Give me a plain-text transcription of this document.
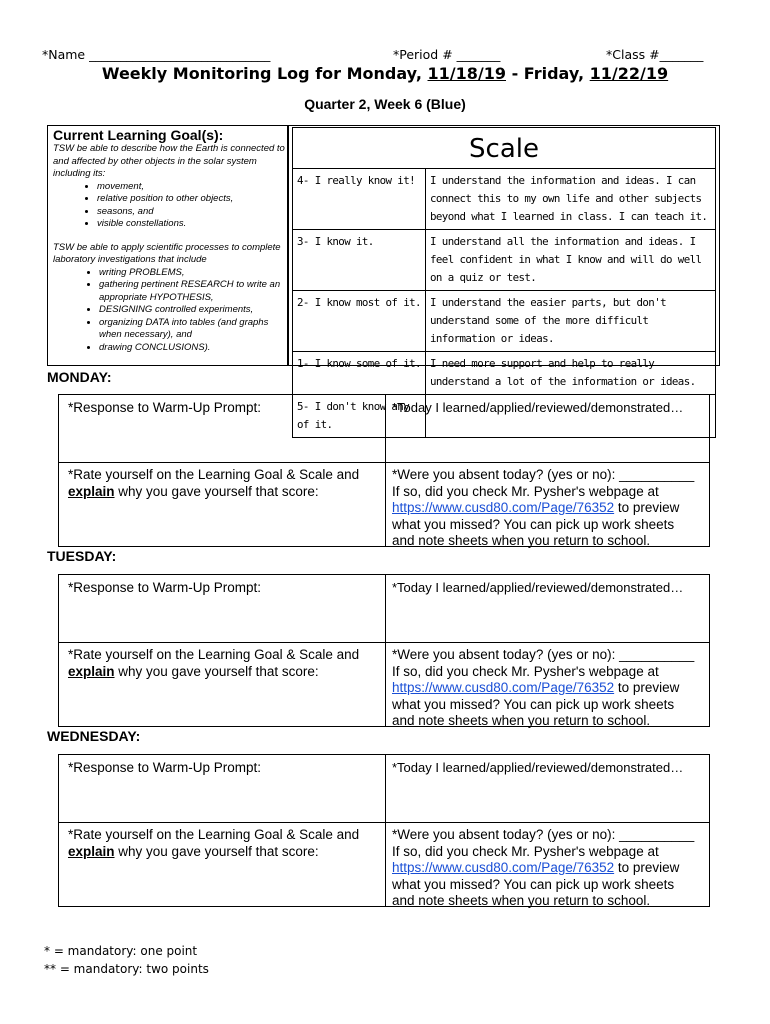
*Name _____________________________	*Period # _______	*Class #_______
Weekly Monitoring Log for Monday, 11/18/19 - Friday, 11/22/19
Quarter 2, Week 6 (Blue)
Current Learning Goal(s):

TSW be able to describe how the Earth is connected to and affected by other objects in the solar system including its:

• movement,
• relative position to other objects,
• seasons, and
• visible constellations.

TSW be able to apply scientific processes to complete laboratory investigations that include

• writing PROBLEMS,
• gathering pertinent RESEARCH to write an appropriate HYPOTHESIS,
• DESIGNING controlled experiments,
• organizing DATA into tables (and graphs when necessary), and
• drawing CONCLUSIONS).
Scale
4- I really know it!	I understand the information and ideas. I can connect this to my own life and other subjects beyond what I learned in class. I can teach it.
3- I know it.	I understand all the information and ideas. I feel confident in what I know and will do well on a quiz or test.
2- I know most of it.	I understand the easier parts, but don't understand some of the more difficult information or ideas.
1- I know some of it.	I need more support and help to really understand a lot of the information or ideas.
5- I don't know any of it.	
MONDAY:
TUESDAY:
WEDNESDAY:
*Response to Warm-Up Prompt:	*Today I learned/applied/reviewed/demonstrated…
*Rate yourself on the Learning Goal & Scale and explain why you gave yourself that score:
*Were you absent today? (yes or no): __________
If so, did you check Mr. Pysher's webpage at
https://www.cusd80.com/Page/76352 to preview
what you missed? You can pick up work sheets
and note sheets when you return to school.
*Response to Warm-Up Prompt:	*Today I learned/applied/reviewed/demonstrated…
*Rate yourself on the Learning Goal & Scale and explain why you gave yourself that score:
*Were you absent today? (yes or no): __________
If so, did you check Mr. Pysher's webpage at
https://www.cusd80.com/Page/76352 to preview
what you missed? You can pick up work sheets
and note sheets when you return to school.
*Response to Warm-Up Prompt:	*Today I learned/applied/reviewed/demonstrated…
*Rate yourself on the Learning Goal & Scale and explain why you gave yourself that score:
*Were you absent today? (yes or no): __________
If so, did you check Mr. Pysher's webpage at
https://www.cusd80.com/Page/76352 to preview
what you missed? You can pick up work sheets
and note sheets when you return to school.
* = mandatory: one point
** = mandatory: two points
